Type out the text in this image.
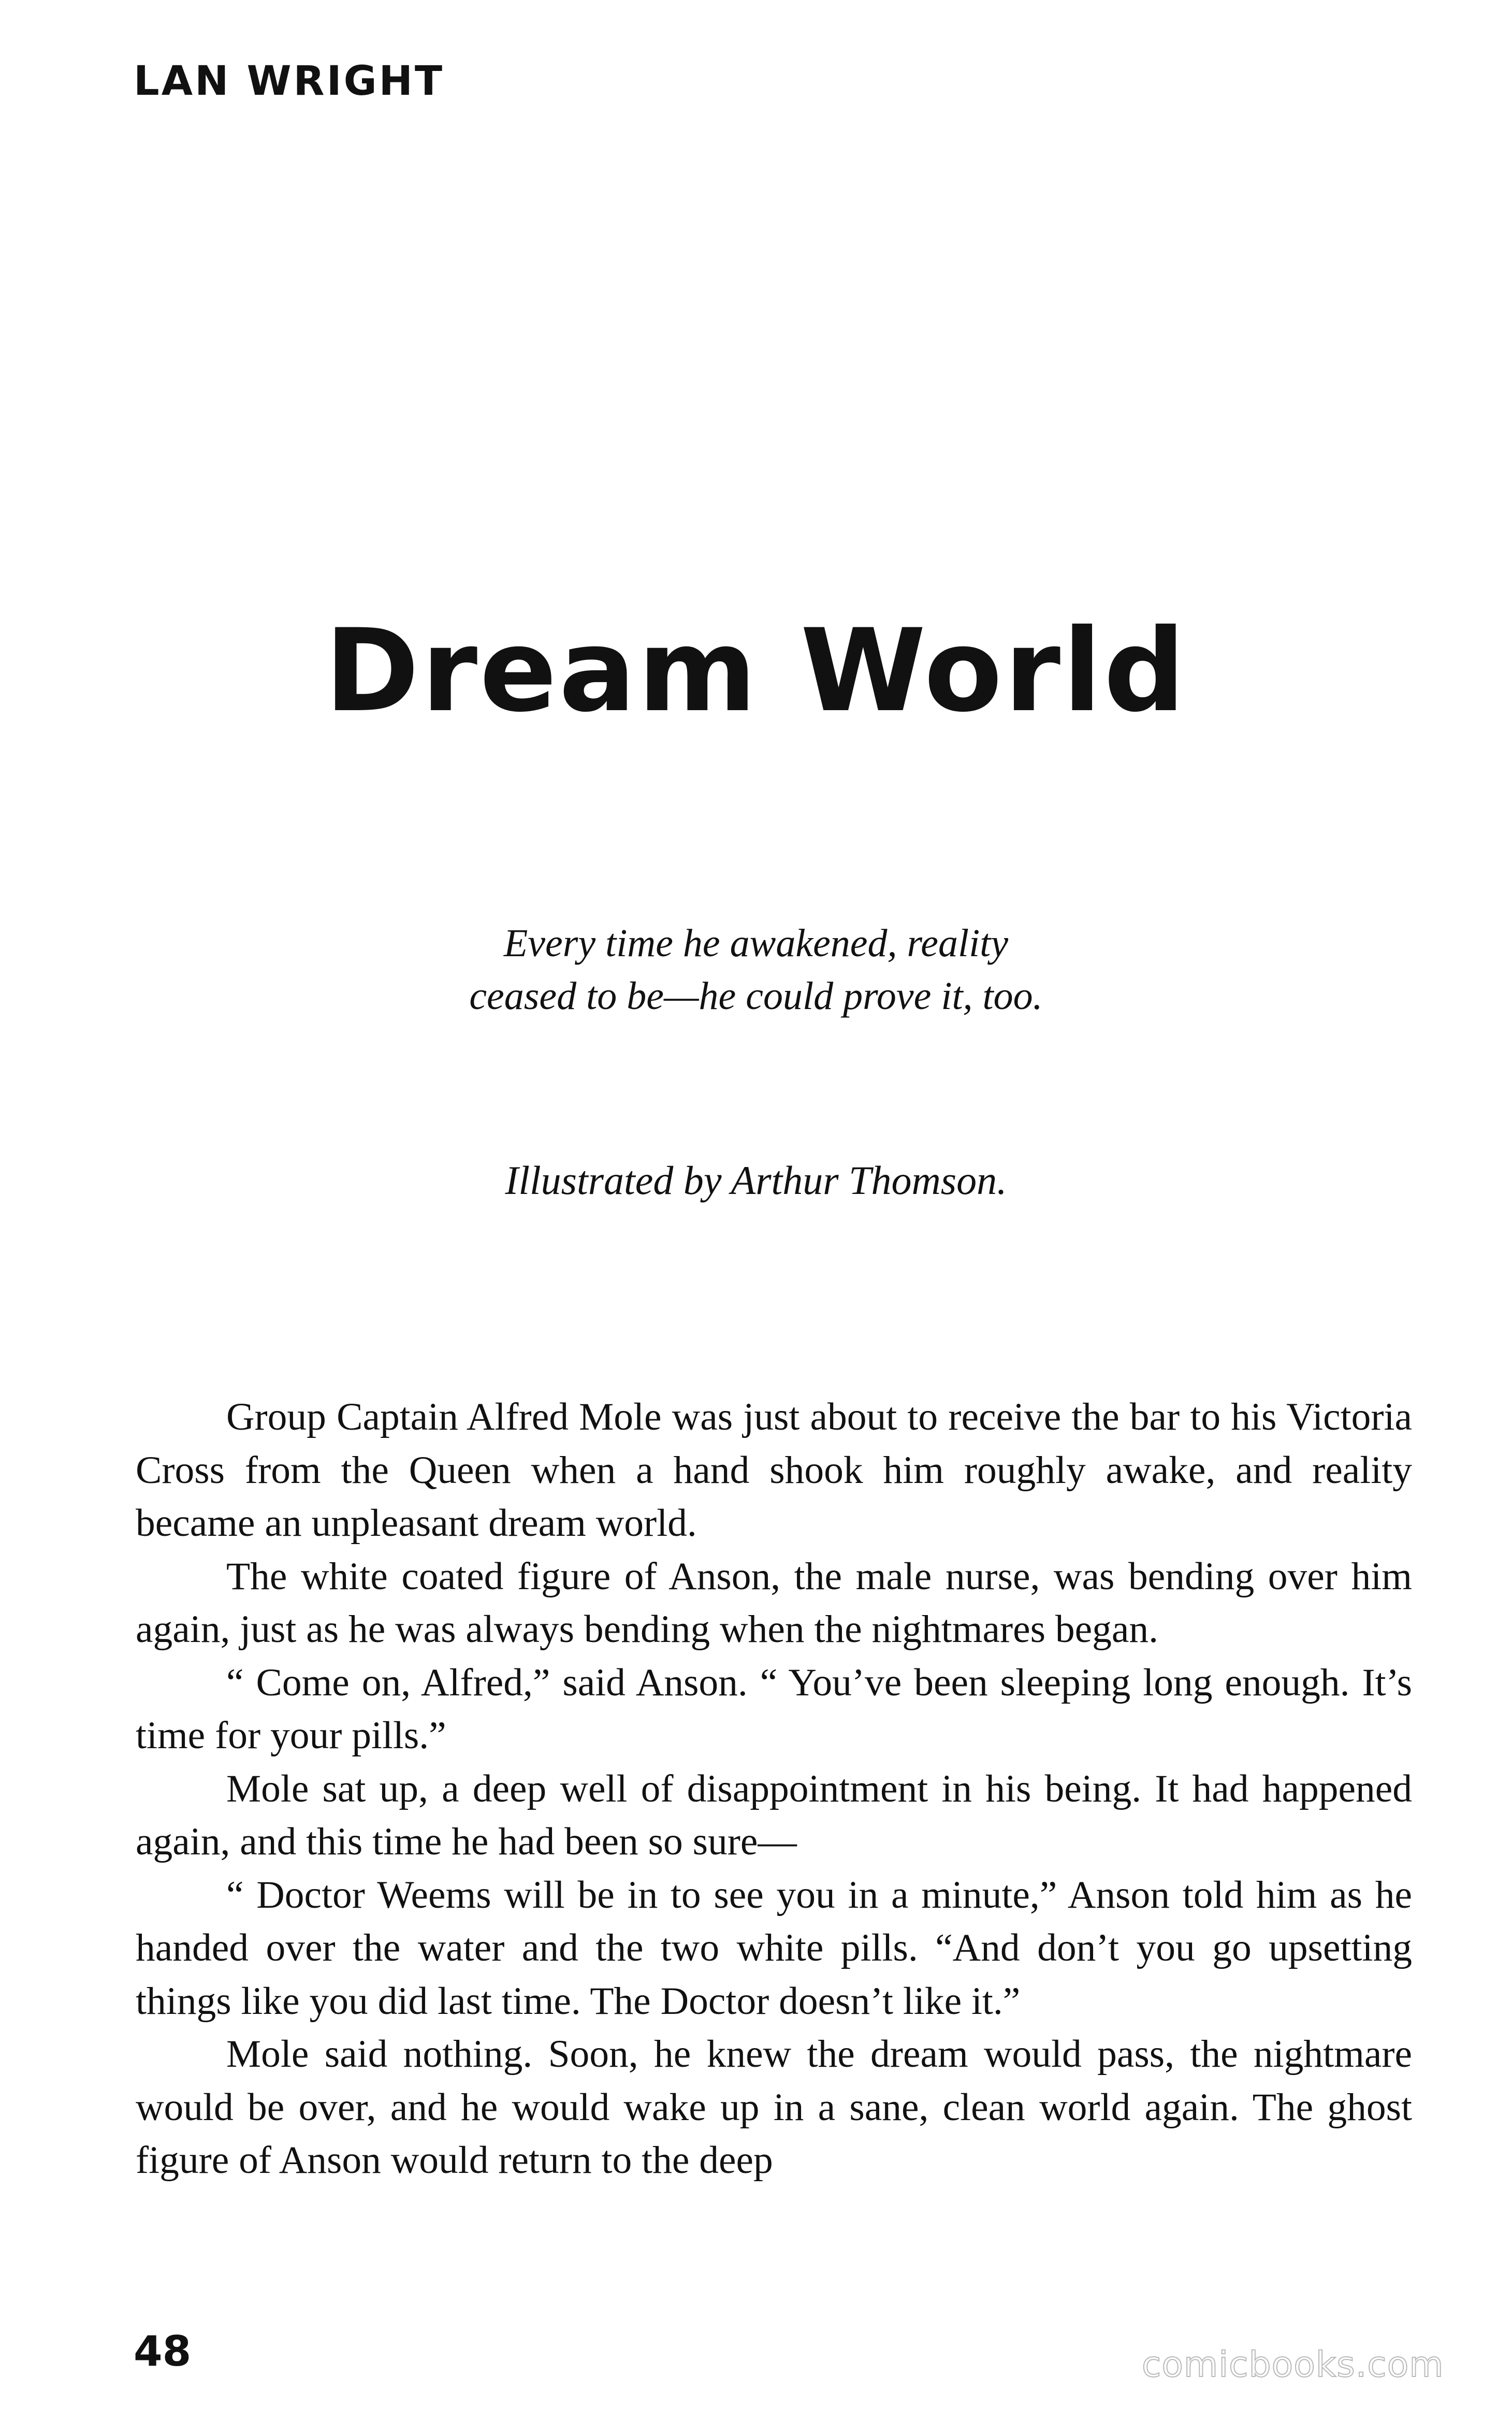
LAN WRIGHT
Dream World
Every time he awakened, reality
ceased to be—he could prove it, too.
Illustrated by Arthur Thomson.

Group Captain Alfred Mole was just about to receive the bar to his Victoria Cross from the Queen when a hand shook him roughly awake, and reality became an unpleasant dream world.

The white coated figure of Anson, the male nurse, was bending over him again, just as he was always bending when the nightmares began.

“ Come on, Alfred,” said Anson. “ You’ve been sleeping long enough. It’s time for your pills.”

Mole sat up, a deep well of disappointment in his being. It had happened again, and this time he had been so sure—

“ Doctor Weems will be in to see you in a minute,” Anson told him as he handed over the water and the two white pills. “And don’t you go upsetting things like you did last time. The Doctor doesn’t like it.”

Mole said nothing. Soon, he knew the dream would pass, the nightmare would be over, and he would wake up in a sane, clean world again. The ghost figure of Anson would return to the deep

48	comicbooks.com
